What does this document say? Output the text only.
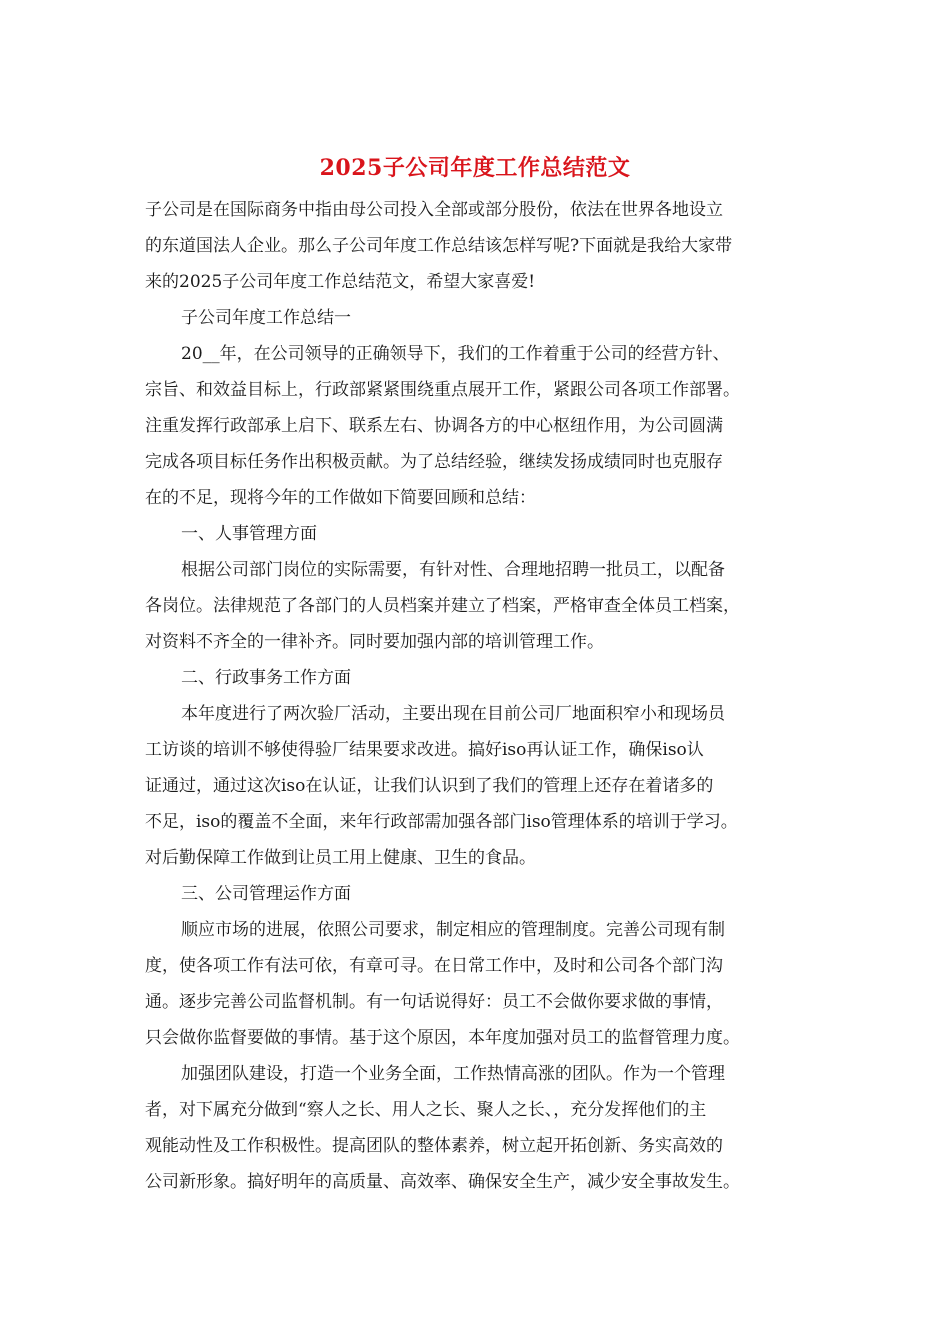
2025子公司年度工作总结范文
子公司是在国际商务中指由母公司投入全部或部分股份，依法在世界各地设立
的东道国法人企业。那么子公司年度工作总结该怎样写呢?下面就是我给大家带
来的2025子公司年度工作总结范文，希望大家喜爱!
子公司年度工作总结一
20__年，在公司领导的正确领导下，我们的工作着重于公司的经营方针、
宗旨、和效益目标上，行政部紧紧围绕重点展开工作，紧跟公司各项工作部署。
注重发挥行政部承上启下、联系左右、协调各方的中心枢纽作用，为公司圆满
完成各项目标任务作出积极贡献。为了总结经验，继续发扬成绩同时也克服存
在的不足，现将今年的工作做如下简要回顾和总结：
一、人事管理方面
根据公司部门岗位的实际需要，有针对性、合理地招聘一批员工，以配备
各岗位。法律规范了各部门的人员档案并建立了档案，严格审查全体员工档案，
对资料不齐全的一律补齐。同时要加强内部的培训管理工作。
二、行政事务工作方面
本年度进行了两次验厂活动，主要出现在目前公司厂地面积窄小和现场员
工访谈的培训不够使得验厂结果要求改进。搞好iso再认证工作，确保iso认
证通过，通过这次iso在认证，让我们认识到了我们的管理上还存在着诸多的
不足，iso的覆盖不全面，来年行政部需加强各部门iso管理体系的培训于学习。
对后勤保障工作做到让员工用上健康、卫生的食品。
三、公司管理运作方面
顺应市场的进展，依照公司要求，制定相应的管理制度。完善公司现有制
度，使各项工作有法可依，有章可寻。在日常工作中，及时和公司各个部门沟
通。逐步完善公司监督机制。有一句话说得好：员工不会做你要求做的事情，
只会做你监督要做的事情。基于这个原因，本年度加强对员工的监督管理力度。
加强团队建设，打造一个业务全面，工作热情高涨的团队。作为一个管理
者，对下属充分做到“察人之长、用人之长、聚人之长、，充分发挥他们的主
观能动性及工作积极性。提高团队的整体素养，树立起开拓创新、务实高效的
公司新形象。搞好明年的高质量、高效率、确保安全生产，减少安全事故发生。
